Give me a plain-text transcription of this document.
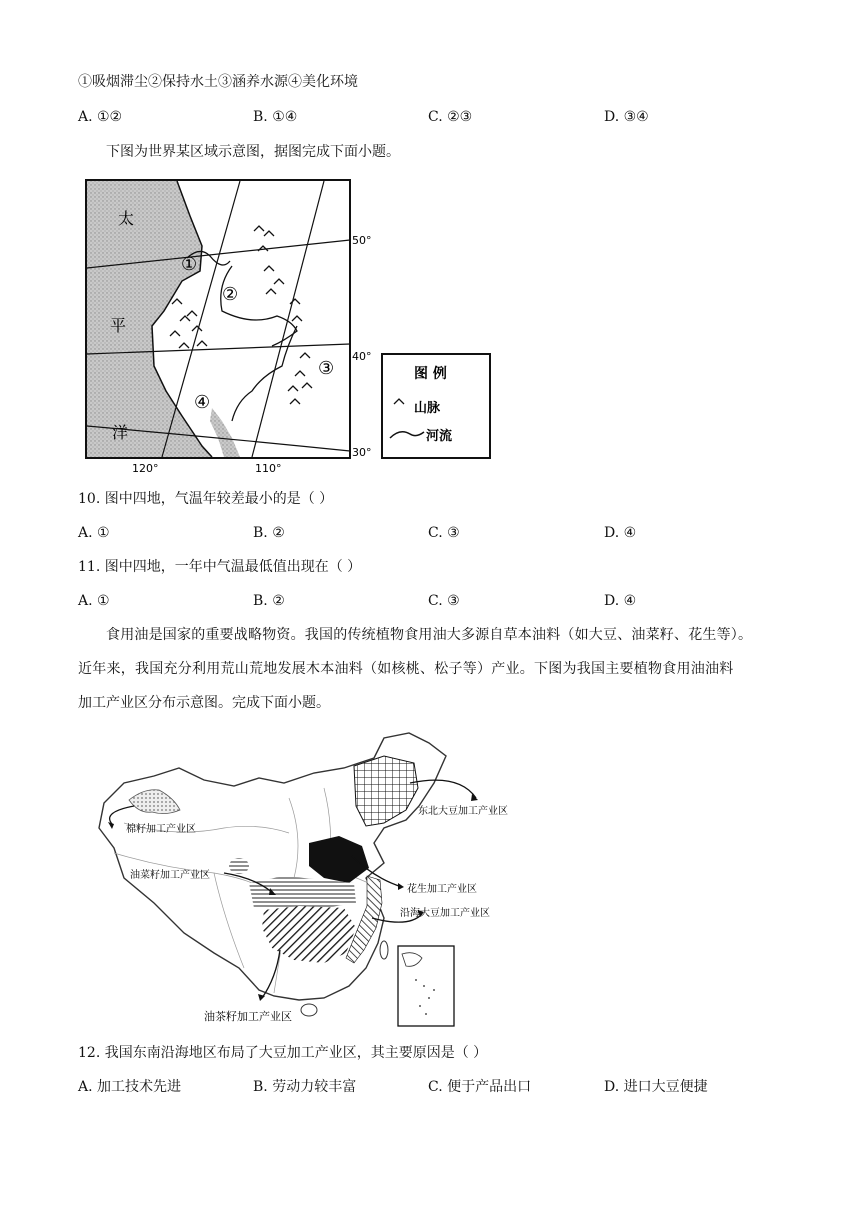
①吸烟滞尘②保持水土③涵养水源④美化环境
A. ①②	B. ①④	C. ②③	D. ③④
下图为世界某区域示意图，据图完成下面小题。
太
平
洋
①
②
③
④
50°
40°
30°
120°	110°
图 例
山脉
河流
10. 图中四地，气温年较差最小的是（ ）
A. ①	B. ②	C. ③	D. ④
11. 图中四地，一年中气温最低值出现在（ ）
A. ①	B. ②	C. ③	D. ④
食用油是国家的重要战略物资。我国的传统植物食用油大多源自草本油料（如大豆、油菜籽、花生等）。
近年来，我国充分利用荒山荒地发展木本油料（如核桃、松子等）产业。下图为我国主要植物食用油油料
加工产业区分布示意图。完成下面小题。
棉籽加工产业区
东北大豆加工产业区
油菜籽加工产业区
花生加工产业区
沿海大豆加工产业区
油茶籽加工产业区
12. 我国东南沿海地区布局了大豆加工产业区，其主要原因是（ ）
A. 加工技术先进	B. 劳动力较丰富	C. 便于产品出口	D. 进口大豆便捷
